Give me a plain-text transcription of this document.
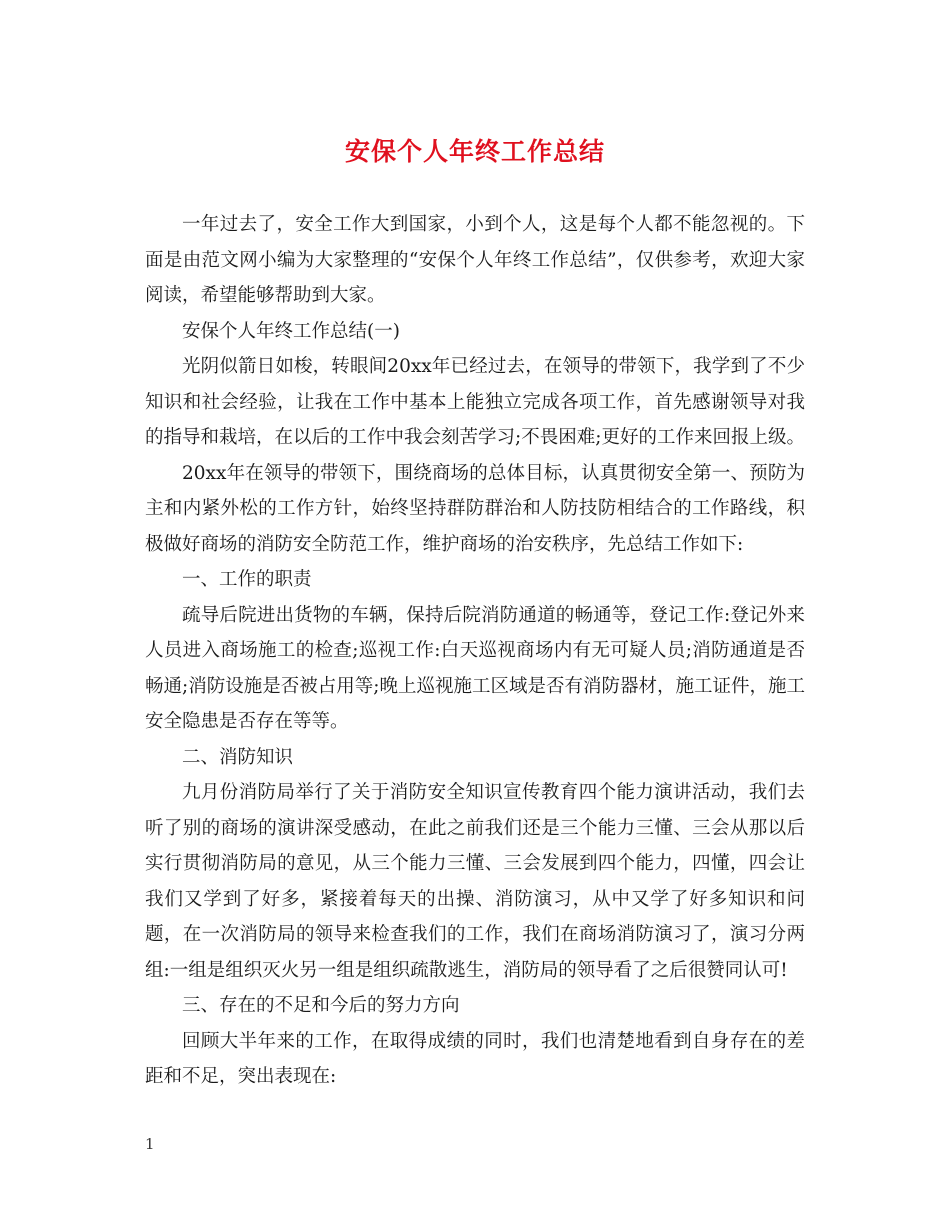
安保个人年终工作总结

一年过去了，安全工作大到国家，小到个人，这是每个人都不能忽视的。下面是由范文网小编为大家整理的“安保个人年终工作总结”，仅供参考，欢迎大家阅读，希望能够帮助到大家。

安保个人年终工作总结(一)

光阴似箭日如梭，转眼间20xx年已经过去，在领导的带领下，我学到了不少知识和社会经验，让我在工作中基本上能独立完成各项工作，首先感谢领导对我的指导和栽培，在以后的工作中我会刻苦学习;不畏困难;更好的工作来回报上级。

20xx年在领导的带领下，围绕商场的总体目标，认真贯彻安全第一、预防为主和内紧外松的工作方针，始终坚持群防群治和人防技防相结合的工作路线，积极做好商场的消防安全防范工作，维护商场的治安秩序，先总结工作如下:

一、工作的职责

疏导后院进出货物的车辆，保持后院消防通道的畅通等，登记工作:登记外来人员进入商场施工的检查;巡视工作:白天巡视商场内有无可疑人员;消防通道是否畅通;消防设施是否被占用等;晚上巡视施工区域是否有消防器材，施工证件，施工安全隐患是否存在等等。

二、消防知识

九月份消防局举行了关于消防安全知识宣传教育四个能力演讲活动，我们去听了别的商场的演讲深受感动，在此之前我们还是三个能力三懂、三会从那以后实行贯彻消防局的意见，从三个能力三懂、三会发展到四个能力，四懂，四会让我们又学到了好多，紧接着每天的出操、消防演习，从中又学了好多知识和问题，在一次消防局的领导来检查我们的工作，我们在商场消防演习了，演习分两组:一组是组织灭火另一组是组织疏散逃生，消防局的领导看了之后很赞同认可!

三、存在的不足和今后的努力方向

回顾大半年来的工作，在取得成绩的同时，我们也清楚地看到自身存在的差距和不足，突出表现在:

1
